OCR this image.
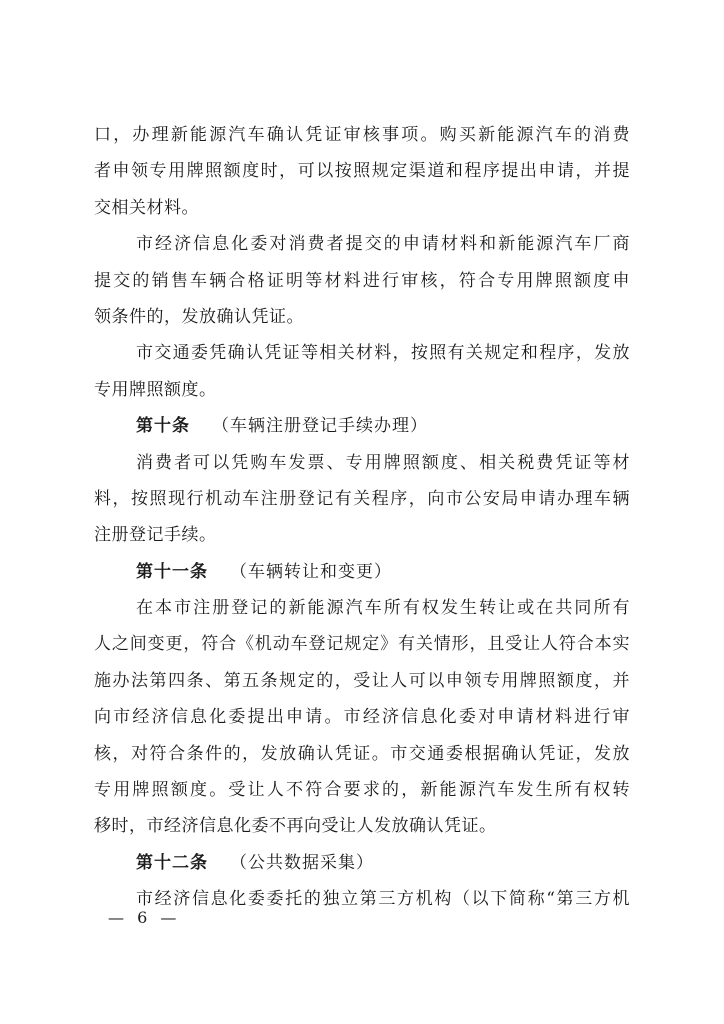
口，办理新能源汽车确认凭证审核事项。购买新能源汽车的消费
者申领专用牌照额度时，可以按照规定渠道和程序提出申请，并提
交相关材料。
市经济信息化委对消费者提交的申请材料和新能源汽车厂商
提交的销售车辆合格证明等材料进行审核，符合专用牌照额度申
领条件的，发放确认凭证。
市交通委凭确认凭证等相关材料，按照有关规定和程序，发放
专用牌照额度。
第十条 （车辆注册登记手续办理）
消费者可以凭购车发票、专用牌照额度、相关税费凭证等材
料，按照现行机动车注册登记有关程序，向市公安局申请办理车辆
注册登记手续。
第十一条 （车辆转让和变更）
在本市注册登记的新能源汽车所有权发生转让或在共同所有
人之间变更，符合《机动车登记规定》有关情形，且受让人符合本实
施办法第四条、第五条规定的，受让人可以申领专用牌照额度，并
向市经济信息化委提出申请。市经济信息化委对申请材料进行审
核，对符合条件的，发放确认凭证。市交通委根据确认凭证，发放
专用牌照额度。受让人不符合要求的，新能源汽车发生所有权转
移时，市经济信息化委不再向受让人发放确认凭证。
第十二条 （公共数据采集）
市经济信息化委委托的独立第三方机构（以下简称“第三方机
— 6 —
